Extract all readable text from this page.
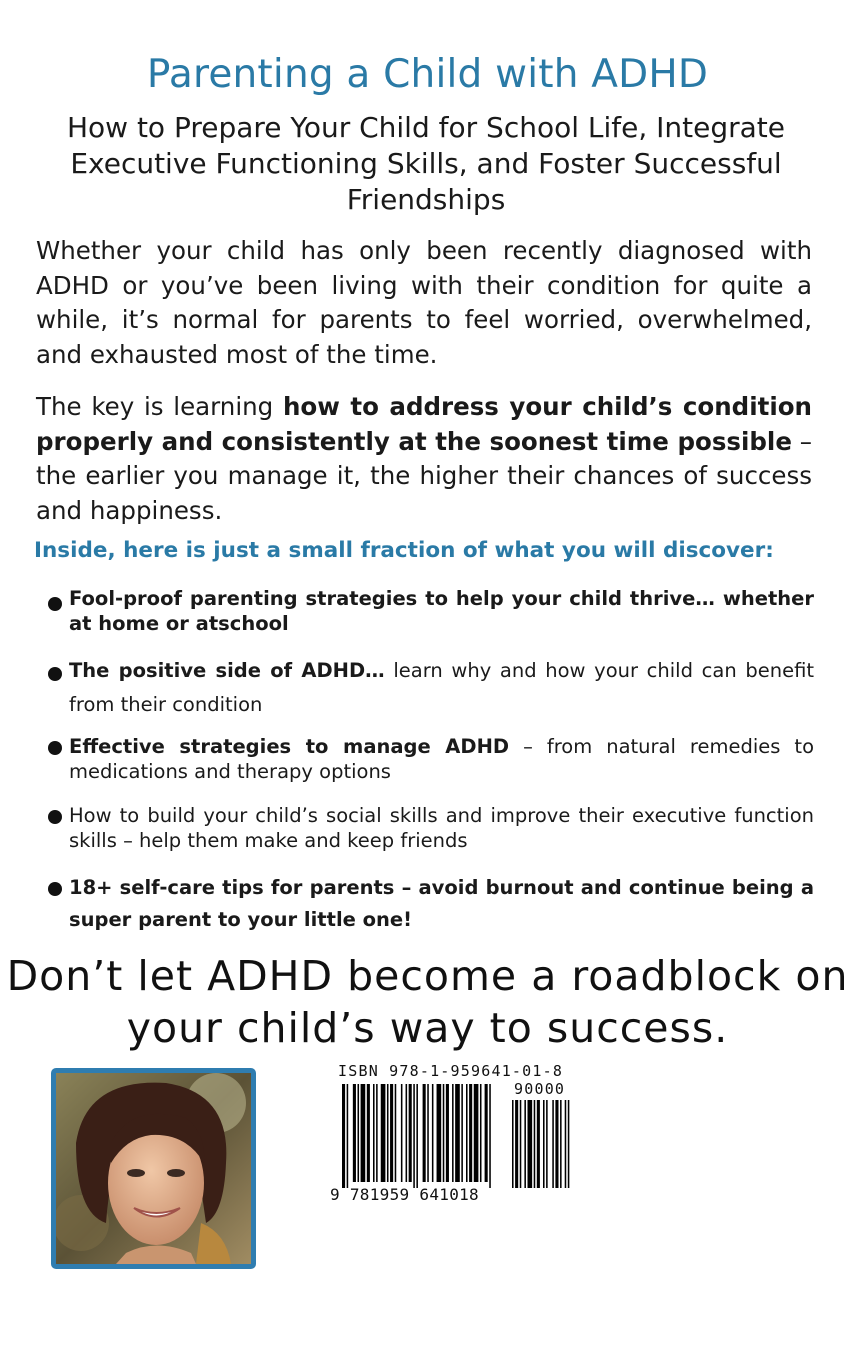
Parenting a Child with ADHD
How to Prepare Your Child for School Life, Integrate Executive Functioning Skills, and Foster Successful Friendships

Whether your child has only been recently diagnosed with ADHD or you’ve been living with their condition for quite a while, it’s normal for parents to feel worried, overwhelmed, and exhausted most of the time.

The key is learning how to address your child’s condition properly and consistently at the soonest time possible – the earlier you manage it, the higher their chances of success and happiness.

Inside, here is just a small fraction of what you will discover:

Fool-proof parenting strategies to help your child thrive… whether at home or atschool
The positive side of ADHD… learn why and how your child can benefit from their condition
Effective strategies to manage ADHD – from natural remedies to medications and therapy options
How to build your child’s social skills and improve their executive function skills – help them make and keep friends
18+ self-care tips for parents – avoid burnout and continue being a super parent to your little one!

Don’t let ADHD become a roadblock on your child’s way to success.

ISBN 978-1-959641-01-8
90000
9 781959 641018
